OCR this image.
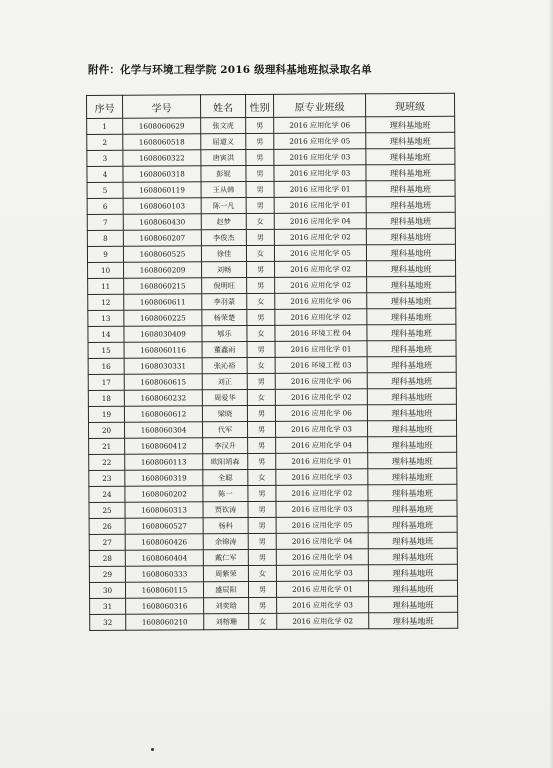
附件：化学与环境工程学院 2016 级理科基地班拟录取名单
序号	学号	姓名	性别	原专业班级	现班级
1	1608060629	张文虎	男	2016 应用化学 06	理科基地班
2	1608060518	屈道义	男	2016 应用化学 05	理科基地班
3	1608060322	唐寅洪	男	2016 应用化学 03	理科基地班
4	1608060318	彭锟	男	2016 应用化学 03	理科基地班
5	1608060119	王从韩	男	2016 应用化学 01	理科基地班
6	1608060103	陈一凡	男	2016 应用化学 01	理科基地班
7	1608060430	赵梦	女	2016 应用化学 04	理科基地班
8	1608060207	李俊杰	男	2016 应用化学 02	理科基地班
9	1608060525	徐佳	女	2016 应用化学 05	理科基地班
10	1608060209	刘畅	男	2016 应用化学 02	理科基地班
11	1608060215	倪明旺	男	2016 应用化学 02	理科基地班
12	1608060611	李羽蒙	女	2016 应用化学 06	理科基地班
13	1608060225	杨荣楚	男	2016 应用化学 02	理科基地班
14	1608030409	郇乐	女	2016 环境工程 04	理科基地班
15	1608060116	董鑫雨	男	2016 应用化学 01	理科基地班
16	1608030331	张沁裕	女	2016 环境工程 03	理科基地班
17	1608060615	刘正	男	2016 应用化学 06	理科基地班
18	1608060232	周爱华	女	2016 应用化学 02	理科基地班
19	1608060612	梁晓	男	2016 应用化学 06	理科基地班
20	1608060304	代军	男	2016 应用化学 03	理科基地班
21	1608060412	李汉升	男	2016 应用化学 04	理科基地班
22	1608060113	欧阳靖森	男	2016 应用化学 01	理科基地班
23	1608060319	全聪	女	2016 应用化学 03	理科基地班
24	1608060202	陈一	男	2016 应用化学 02	理科基地班
25	1608060313	贾钦涛	男	2016 应用化学 03	理科基地班
26	1608060527	杨科	男	2016 应用化学 05	理科基地班
27	1608060426	余锦涛	男	2016 应用化学 04	理科基地班
28	1608060404	戴仁军	男	2016 应用化学 04	理科基地班
29	1608060333	周紫荣	女	2016 应用化学 03	理科基地班
30	1608060115	盛辰阳	男	2016 应用化学 01	理科基地班
31	1608060316	刘奕晗	男	2016 应用化学 03	理科基地班
32	1608060210	刘榕珊	女	2016 应用化学 02	理科基地班
